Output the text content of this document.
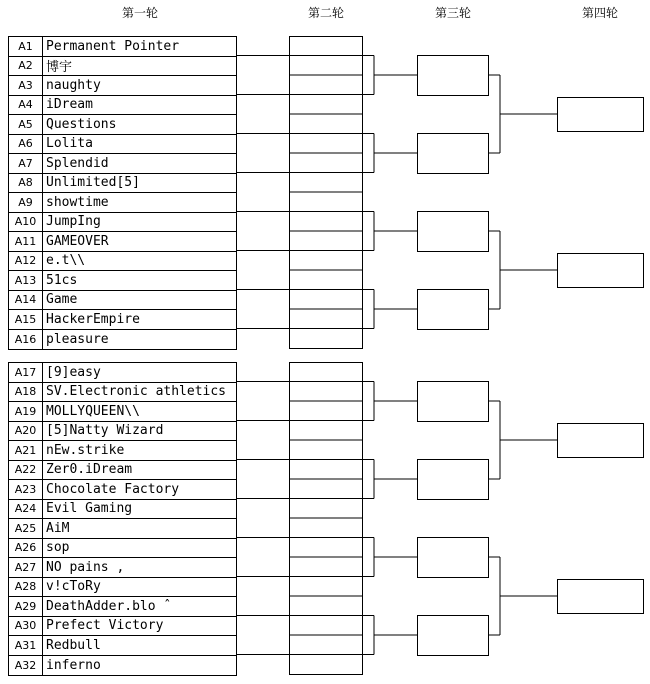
第一轮	第二轮	第三轮	第四轮
A1	Permanent Pointer
A2	博宇
A3	naughty
A4	iDream
A5	Questions
A6	Lolita
A7	Splendid
A8	Unlimited[5]
A9	showtime
A10 JumpIng
A11 GAMEOVER
A12 e.t\\
A13 51cs
A14 Game
A15 HackerEmpire
A16 pleasure
A17 [9]easy
A18 SV.Electronic athletics
A19 MOLLYQUEEN\\
A20 [5]Natty Wizard
A21 nEw.strike
A22 Zer0.iDream
A23 Chocolate Factory
A24 Evil Gaming
A25 AiM
A26 sop
A27 NO pains ,
A28 v!cToRy
A29 DeathAdder.blo ˆ
A30 Prefect Victory
A31 Redbull
A32 inferno
